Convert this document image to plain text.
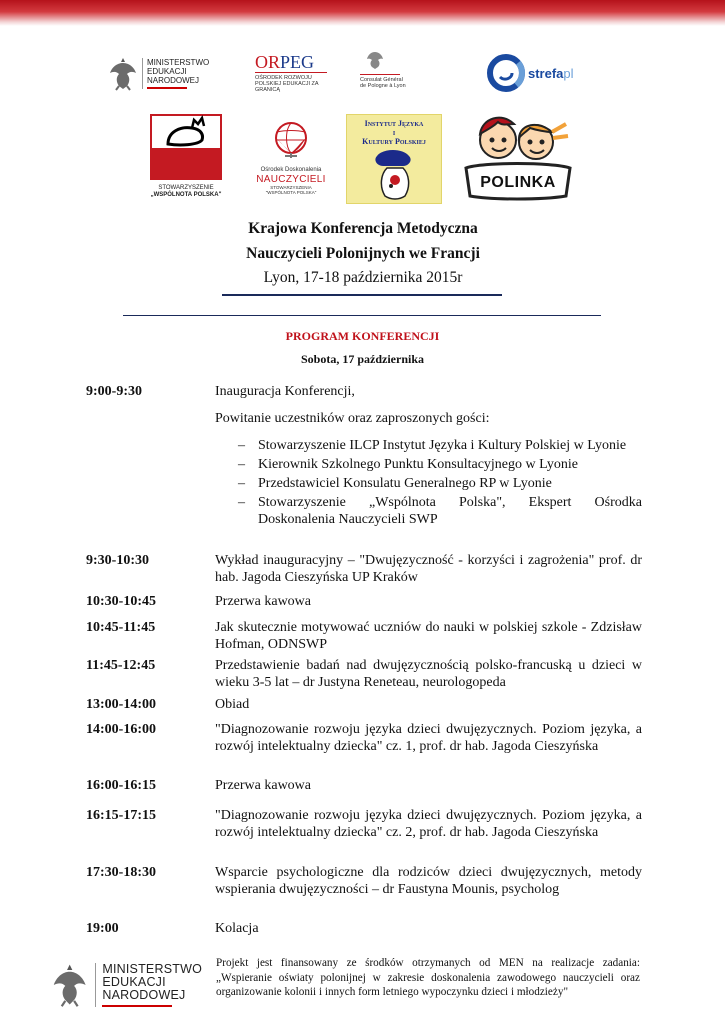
MINISTERSTWO
EDUKACJI
NARODOWEJ
ORPEG
OŚRODEK ROZWOJU
POLSKIEJ EDUKACJI ZA GRANICĄ
Consulat Général
de Pologne à Lyon
strefapl
STOWARZYSZENIE
„WSPÓLNOTA POLSKA"
Ośrodek Doskonalenia
NAUCZYCIELI
STOWARZYSZENIA "WSPÓLNOTA POLSKA"
Instytut Języka
i
Kultury Polskiej
POLINKA
Krajowa Konferencja Metodyczna
Nauczycieli Polonijnych we Francji
Lyon, 17-18 października 2015r
PROGRAM KONFERENCJI
Sobota, 17 października
9:00-9:30	Inauguracja Konferencji,
Powitanie uczestników oraz zaproszonych gości:
– Stowarzyszenie ILCP Instytut Języka i Kultury Polskiej w Lyonie
– Kierownik Szkolnego Punktu Konsultacyjnego w Lyonie
– Przedstawiciel Konsulatu Generalnego RP w Lyonie
– Stowarzyszenie „Wspólnota Polska", Ekspert Ośrodka Doskonalenia Nauczycieli SWP
9:30-10:30	Wykład inauguracyjny – "Dwujęzyczność - korzyści i zagrożenia" prof. dr hab. Jagoda Cieszyńska UP Kraków
10:30-10:45	Przerwa kawowa
10:45-11:45	Jak skutecznie motywować uczniów do nauki w polskiej szkole - Zdzisław Hofman, ODNSWP
11:45-12:45	Przedstawienie badań nad dwujęzycznością polsko-francuską u dzieci w wieku 3-5 lat – dr Justyna Reneteau, neurologopeda
13:00-14:00	Obiad
14:00-16:00	"Diagnozowanie rozwoju języka dzieci dwujęzycznych. Poziom języka, a rozwój intelektualny dziecka" cz. 1, prof. dr hab. Jagoda Cieszyńska
16:00-16:15	Przerwa kawowa
16:15-17:15	"Diagnozowanie rozwoju języka dzieci dwujęzycznych. Poziom języka, a rozwój intelektualny dziecka" cz. 2, prof. dr hab. Jagoda Cieszyńska
17:30-18:30	Wsparcie psychologiczne dla rodziców dzieci dwujęzycznych, metody wspierania dwujęzyczności – dr Faustyna Mounis, psycholog
19:00	Kolacja
MINISTERSTWO
EDUKACJI
NARODOWEJ
Projekt jest finansowany ze środków otrzymanych od MEN na realizacje zadania: „Wspieranie oświaty polonijnej w zakresie doskonalenia zawodowego nauczycieli oraz organizowanie kolonii i innych form letniego wypoczynku dzieci i młodzieży"
